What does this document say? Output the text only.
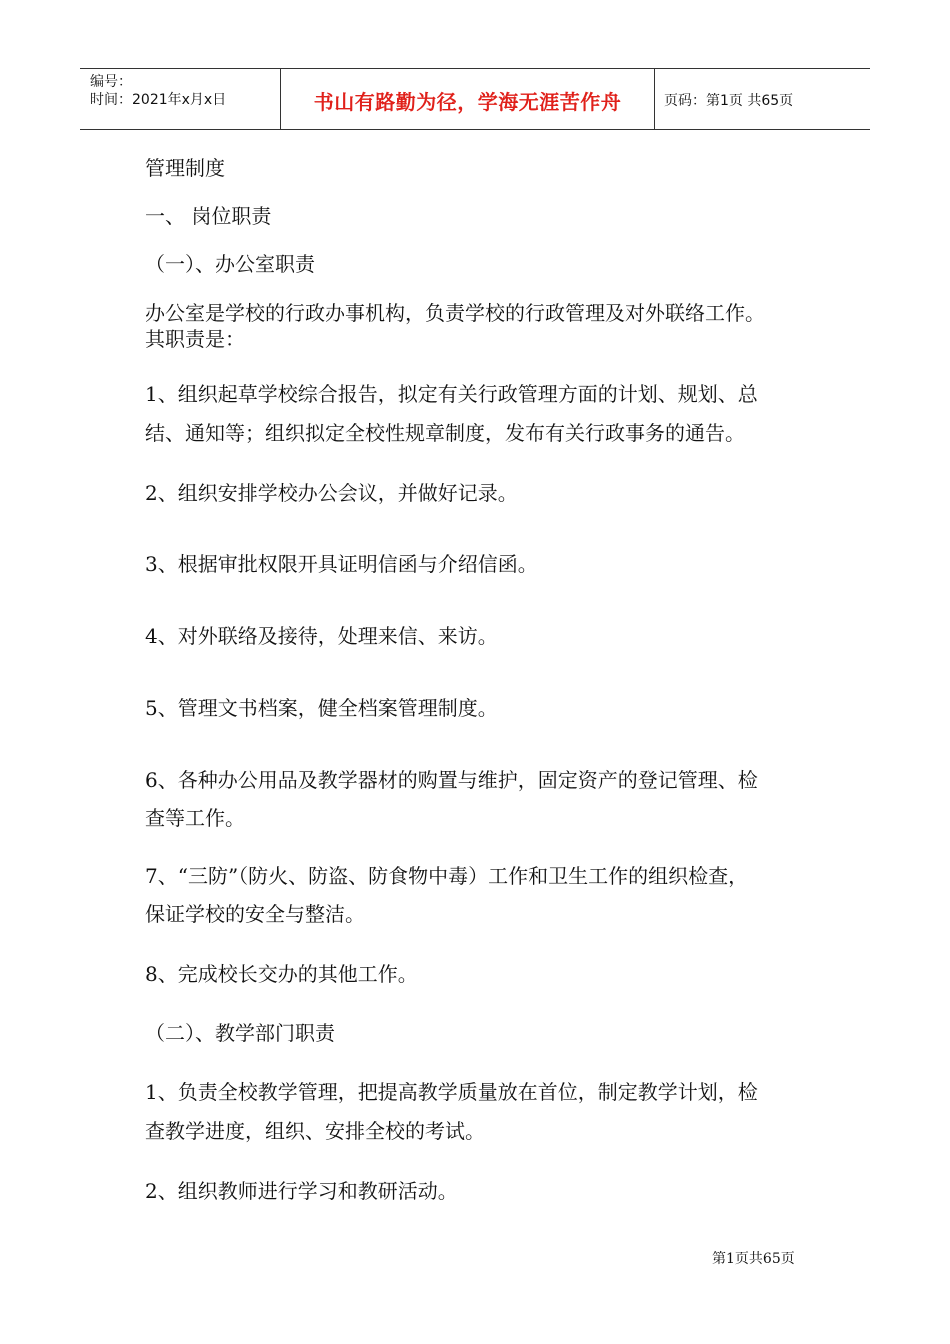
编号：
时间：2021年x月x日	书山有路勤为径，学海无涯苦作舟	页码：第1页 共65页
管理制度
一、 岗位职责
（一）、办公室职责
办公室是学校的行政办事机构，负责学校的行政管理及对外联络工作。
其职责是：
1、组织起草学校综合报告，拟定有关行政管理方面的计划、规划、总
结、通知等；组织拟定全校性规章制度，发布有关行政事务的通告。
2、组织安排学校办公会议，并做好记录。
3、根据审批权限开具证明信函与介绍信函。
4、对外联络及接待，处理来信、来访。
5、管理文书档案，健全档案管理制度。
6、各种办公用品及教学器材的购置与维护，固定资产的登记管理、检
查等工作。
7、“三防”（防火、防盗、防食物中毒）工作和卫生工作的组织检查，
保证学校的安全与整洁。
8、完成校长交办的其他工作。
（二）、教学部门职责
1、负责全校教学管理，把提高教学质量放在首位，制定教学计划，检
查教学进度，组织、安排全校的考试。
2、组织教师进行学习和教研活动。
第1页共65页
